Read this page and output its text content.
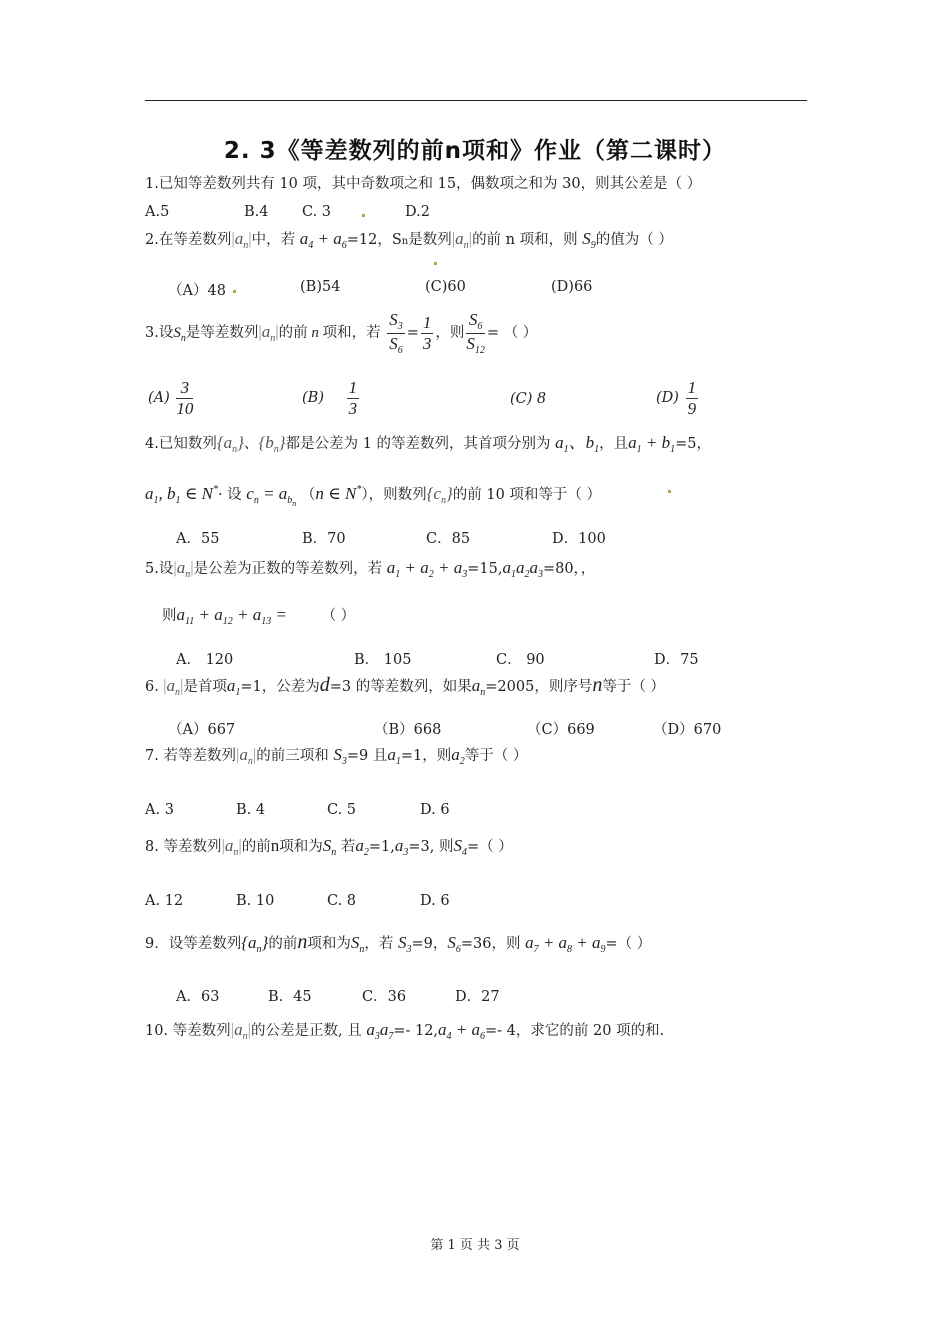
2. 3《等差数列的前n项和》作业（第二课时）
1.已知等差数列共有 10 项，其中奇数项之和 15，偶数项之和为 30，则其公差是（ ）
A.5	B.4 C. 3	D.2
2.在等差数列$|a_n|$中，若 $a_4 + a_6=12$，Sn是数列$|a_n|$的前 n 项和，则 $S_9$的值为（ ）
（A）48	(B)54	(C)60	(D)66
3.设$S_n$是等差数列$|a_n|$的前 n 项和，若 $\frac{S_3}{S_6} = \frac{1}{3}$ ，则 $\frac{S_6}{S_{12}}$ = （ ）
$(A) \frac{3}{10}$	$(B) \frac{1}{3}$	(C) 8	$(D) \frac{1}{9}$
4.已知数列$\{a_n\}$、$\{b_n\}$都是公差为 1 的等差数列，其首项分别为 $a_1$、$b_1$，且$a_1 + b_1=5$，
$a_1$, $b_1$ ∈ N*· 设 $c_n = a_{b_n}$ （n ∈ N*），则数列$\{c_n\}$的前 10 项和等于（ ）
A．55	B．70	C．85	D．100
5.设$|a_n|$是公差为正数的等差数列，若 $a_1 + a_2 + a_3=15,a_1a_2a_3=80$，，
则$a_{11} + a_{12} + a_{13}$ = （ ）
A． 120	B． 105	C． 90	D．75
6. $|a_n|$是首项$a_1=1$，公差为d=3 的等差数列，如果$a_n=2005$，则序号n等于（ ）
（A）667	（B）668	（C）669	（D）670
7. 若等差数列$|a_n|$的前三项和 $S_3=9$ 且$a_1=1$，则$a_2$等于（ ）
A. 3	B. 4	C. 5	D. 6
8. 等差数列$|a_n|$的前n项和为$S_n$ 若$a_2=1,a_3=3$, 则$S_4=$（ ）
A. 12	B. 10	C. 8	D. 6
9．设等差数列$\{a_n\}$的前n项和为$S_n$，若 $S_3=9$，$S_6=36$，则 $a_7 + a_8 + a_9=$（ ）
A．63	B．45	C．36	D．27
10. 等差数列$|a_n|$的公差是正数, 且 $a_3a_7=-$ $12,a_4 + a_6=-$ 4，求它的前 20 项的和.
第 1 页 共 3 页
